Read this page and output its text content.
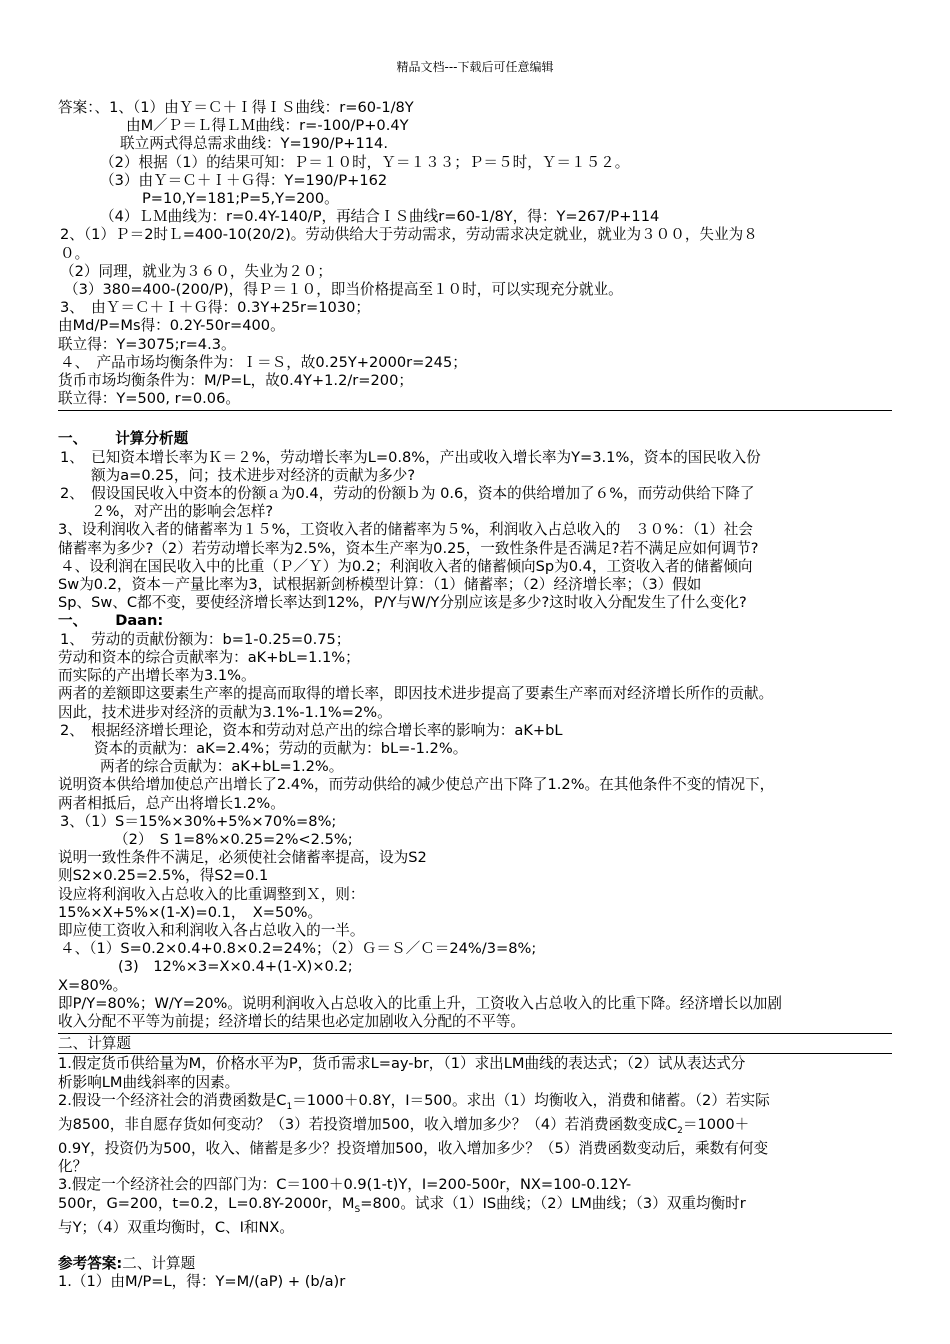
精品文档---下载后可任意编辑
答案：、1、（1）由Ｙ＝Ｃ＋Ｉ得ＩＳ曲线：r=60-1/8Y
由M／Ｐ＝Ｌ得ＬＭ曲线：r=-100/P+0.4Y
联立两式得总需求曲线：Y=190/P+114.
（2）根据（1）的结果可知：Ｐ＝１０时，Ｙ＝１３３；Ｐ＝５时，Ｙ＝１５２。
（3）由Ｙ＝Ｃ＋Ｉ＋Ｇ得：Y=190/P+162
P=10,Y=181;P=5,Y=200。
（4）ＬＭ曲线为：r=0.4Y-140/P，再结合ＩＳ曲线r=60-1/8Y，得：Y=267/P+114
2、（1）Ｐ＝2时Ｌ=400-10(20/2)。劳动供给大于劳动需求，劳动需求决定就业，就业为３００，失业为８
０。
（2）同理，就业为３６０，失业为２０；
（3）380=400-(200/P)，得Ｐ＝１０，即当价格提高至１０时，可以实现充分就业。
3、　由Ｙ＝Ｃ＋Ｉ＋Ｇ得：0.3Y+25r=1030；
由Md/P=Ms得：0.2Y-50r=400。
联立得：Y=3075;r=4.3。
４、　产品市场均衡条件为：Ｉ＝Ｓ，故0.25Y+2000r=245；
货币市场均衡条件为：M/P=L，故0.4Y+1.2/r=200；
联立得：Y=500, r=0.06。
一、 计算分析题
1、　已知资本增长率为Ｋ＝２%，劳动增长率为L=0.8%，产出或收入增长率为Y=3.1%，资本的国民收入份
额为a=0.25，问；技术进步对经济的贡献为多少?
2、　假设国民收入中资本的份额ａ为0.4，劳动的份额ｂ为 0.6，资本的供给增加了６%，而劳动供给下降了
２%，对产出的影响会怎样?
3、设利润收入者的储蓄率为１５%，工资收入者的储蓄率为５%，利润收入占总收入的　３０%：（1）社会
储蓄率为多少?（2）若劳动增长率为2.5%，资本生产率为0.25，一致性条件是否满足?若不满足应如何调节?
４、设利润在国民收入中的比重（Ｐ／Ｙ）为0.2；利润收入者的储蓄倾向Sp为0.4，工资收入者的储蓄倾向
Sw为0.2，资本－产量比率为3，试根据新剑桥模型计算：（1）储蓄率；（2）经济增长率；（3）假如
Sp、Sw、C都不变，要使经济增长率达到12%，P/Y与W/Y分别应该是多少?这时收入分配发生了什么变化?
一、 Daan:
1、　劳动的贡献份额为：b=1-0.25=0.75；
劳动和资本的综合贡献率为：aK+bL=1.1%；
而实际的产出增长率为3.1%。
两者的差额即这要素生产率的提高而取得的增长率，即因技术进步提高了要素生产率而对经济增长所作的贡献。
因此，技术进步对经济的贡献为3.1%-1.1%=2%。
2、　根据经济增长理论，资本和劳动对总产出的综合增长率的影响为：aK+bL
资本的贡献为：aK=2.4%；劳动的贡献为：bL=-1.2%。
两者的综合贡献为：aK+bL=1.2%。
说明资本供给增加使总产出增长了2.4%，而劳动供给的减少使总产出下降了1.2%。在其他条件不变的情况下，
两者相抵后，总产出将增长1.2%。
3、（1）S＝15%×30%+5%×70%=8%;
（2）　S 1=8%×0.25=2%<2.5%;
说明一致性条件不满足，必须使社会储蓄率提高，设为S2
则S2×0.25=2.5%，得S2=0.1
设应将利润收入占总收入的比重调整到Ｘ，则：
15%×X+5%×(1-X)=0.1，　X=50%。
即应使工资收入和利润收入各占总收入的一半。
４、（1）S=0.2×0.4+0.8×0.2=24%；（2）Ｇ＝Ｓ／Ｃ＝24%/3=8%;
(3)　12%×3=X×0.4+(1-X)×0.2;
X=80%。
即P/Y=80%；W/Y=20%。说明利润收入占总收入的比重上升，工资收入占总收入的比重下降。经济增长以加剧
收入分配不平等为前提；经济增长的结果也必定加剧收入分配的不平等。
二、计算题
1.假定货币供给量为M，价格水平为P，货币需求L=ay-br，（1）求出LM曲线的表达式；（2）试从表达式分
析影响LM曲线斜率的因素。
2.假设一个经济社会的消费函数是$C_1=1000+0.8Y$，I＝500。求出（1）均衡收入，消费和储蓄。（2）若实际
为8500，非自愿存货如何变动？（3）若投资增加500，收入增加多少？（4）若消费函数变成$C_2=1000+$
0.9Y，投资仍为500，收入、储蓄是多少？投资增加500，收入增加多少？（5）消费函数变动后，乘数有何变
化？
3.假定一个经济社会的四部门为：C＝100＋0.9(1-t)Y，I=200-500r，NX=100-0.12Y-
500r，G=200，t=0.2，L=0.8Y-2000r，$M_S=800$。试求（1）IS曲线；（2）LM曲线；（3）双重均衡时r
与Y；（4）双重均衡时，C、I和NX。
参考答案:二、计算题
1.（1）由M/P=L，得：Y=M/(aP) + (b/a)r
